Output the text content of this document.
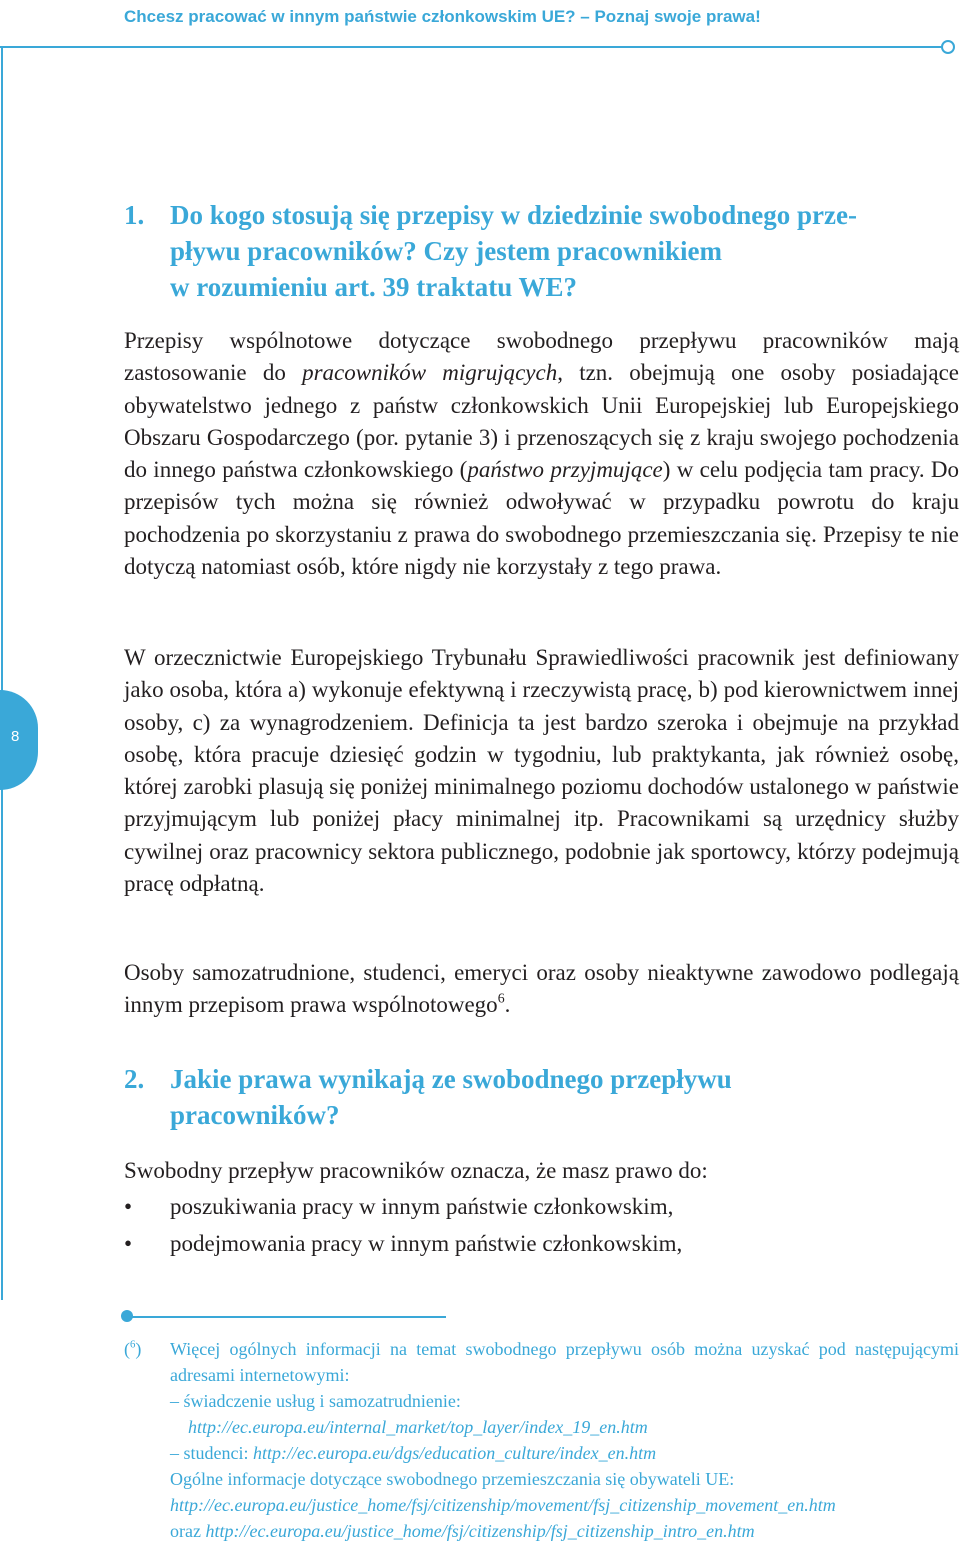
Chcesz pracować w innym państwie członkowskim UE? – Poznaj swoje prawa!
8
1. Do kogo stosują się przepisy w dziedzinie swobodnego prze-
pływu pracowników? Czy jestem pracownikiem
w rozumieniu art. 39 traktatu WE?

Przepisy wspólnotowe dotyczące swobodnego przepływu pracowników mają zastosowanie do pracowników migrujących, tzn. obejmują one osoby posiadające obywatelstwo jednego z państw członkowskich Unii Europejskiej lub Europejskiego Obszaru Gospodarczego (por. pytanie 3) i przenoszących się z kraju swojego pochodzenia do innego państwa członkowskiego (państwo przyjmujące) w celu podjęcia tam pracy. Do przepisów tych można się również odwoływać w przypadku powrotu do kraju pochodzenia po skorzystaniu z prawa do swobodnego przemieszczania się. Przepisy te nie dotyczą natomiast osób, które nigdy nie korzystały z tego prawa.

W orzecznictwie Europejskiego Trybunału Sprawiedliwości pracownik jest definiowany jako osoba, która a) wykonuje efektywną i rzeczywistą pracę, b) pod kierownictwem innej osoby, c) za wynagrodzeniem. Definicja ta jest bardzo szeroka i obejmuje na przykład osobę, która pracuje dziesięć godzin w tygodniu, lub praktykanta, jak również osobę, której zarobki plasują się poniżej minimalnego poziomu dochodów ustalonego w państwie przyjmującym lub poniżej płacy minimalnej itp. Pracownikami są urzędnicy służby cywilnej oraz pracownicy sektora publicznego, podobnie jak sportowcy, którzy podejmują pracę odpłatną.

Osoby samozatrudnione, studenci, emeryci oraz osoby nieaktywne zawodowo podlegają innym przepisom prawa wspólnotowego$^6$.

2. Jakie prawa wynikają ze swobodnego przepływu
pracowników?

Swobodny przepływ pracowników oznacza, że masz prawo do:

• poszukiwania pracy w innym państwie członkowskim,
• podejmowania pracy w innym państwie członkowskim,
($^6$) Więcej ogólnych informacji na temat swobodnego przepływu osób można uzyskać pod następującymi adresami internetowymi:
– świadczenie usług i samozatrudnienie:
http://ec.europa.eu/internal_market/top_layer/index_19_en.htm
– studenci: http://ec.europa.eu/dgs/education_culture/index_en.htm
Ogólne informacje dotyczące swobodnego przemieszczania się obywateli UE:
http://ec.europa.eu/justice_home/fsj/citizenship/movement/fsj_citizenship_movement_en.htm
oraz http://ec.europa.eu/justice_home/fsj/citizenship/fsj_citizenship_intro_en.htm
